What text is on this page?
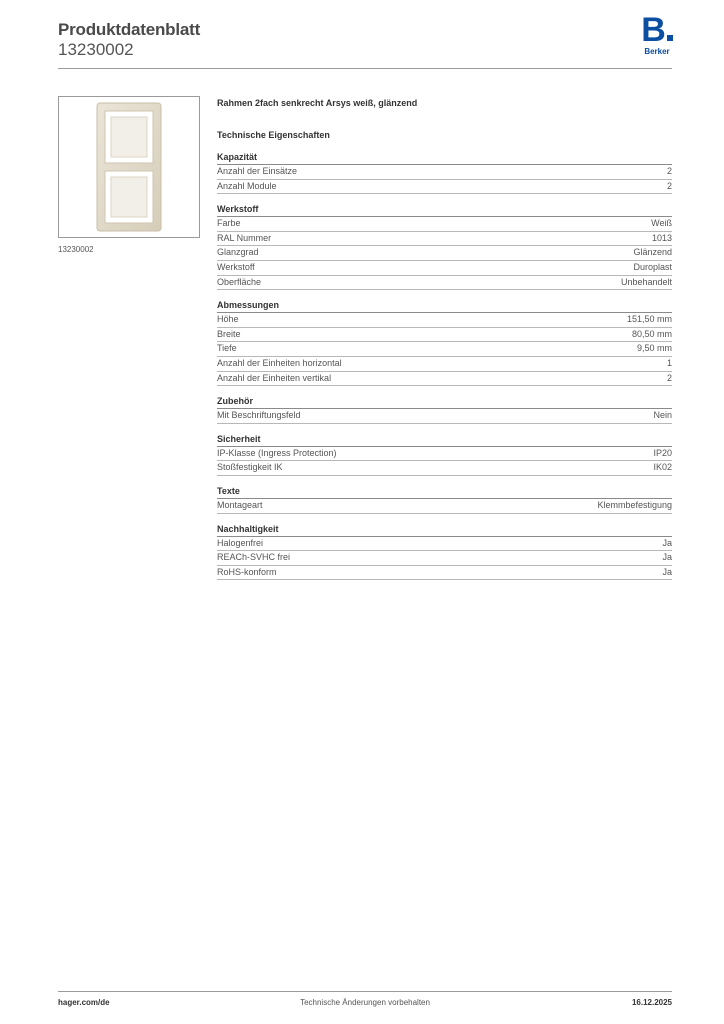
Produktdatenblatt
13230002
B
Berker
13230002
Rahmen 2fach senkrecht Arsys weiß, glänzend
Technische Eigenschaften
Kapazität
Anzahl der Einsätze	2
Anzahl Module	2
Werkstoff
Farbe	Weiß
RAL Nummer	1013
Glanzgrad	Glänzend
Werkstoff	Duroplast
Oberfläche	Unbehandelt
Abmessungen
Höhe	151,50 mm
Breite	80,50 mm
Tiefe	9,50 mm
Anzahl der Einheiten horizontal	1
Anzahl der Einheiten vertikal	2
Zubehör
Mit Beschriftungsfeld	Nein
Sicherheit
IP-Klasse (Ingress Protection)	IP20
Stoßfestigkeit IK	IK02
Texte
Montageart	Klemmbefestigung
Nachhaltigkeit
Halogenfrei	Ja
REACh-SVHC frei	Ja
RoHS-konform	Ja
hager.com/de	Technische Änderungen vorbehalten	16.12.2025
